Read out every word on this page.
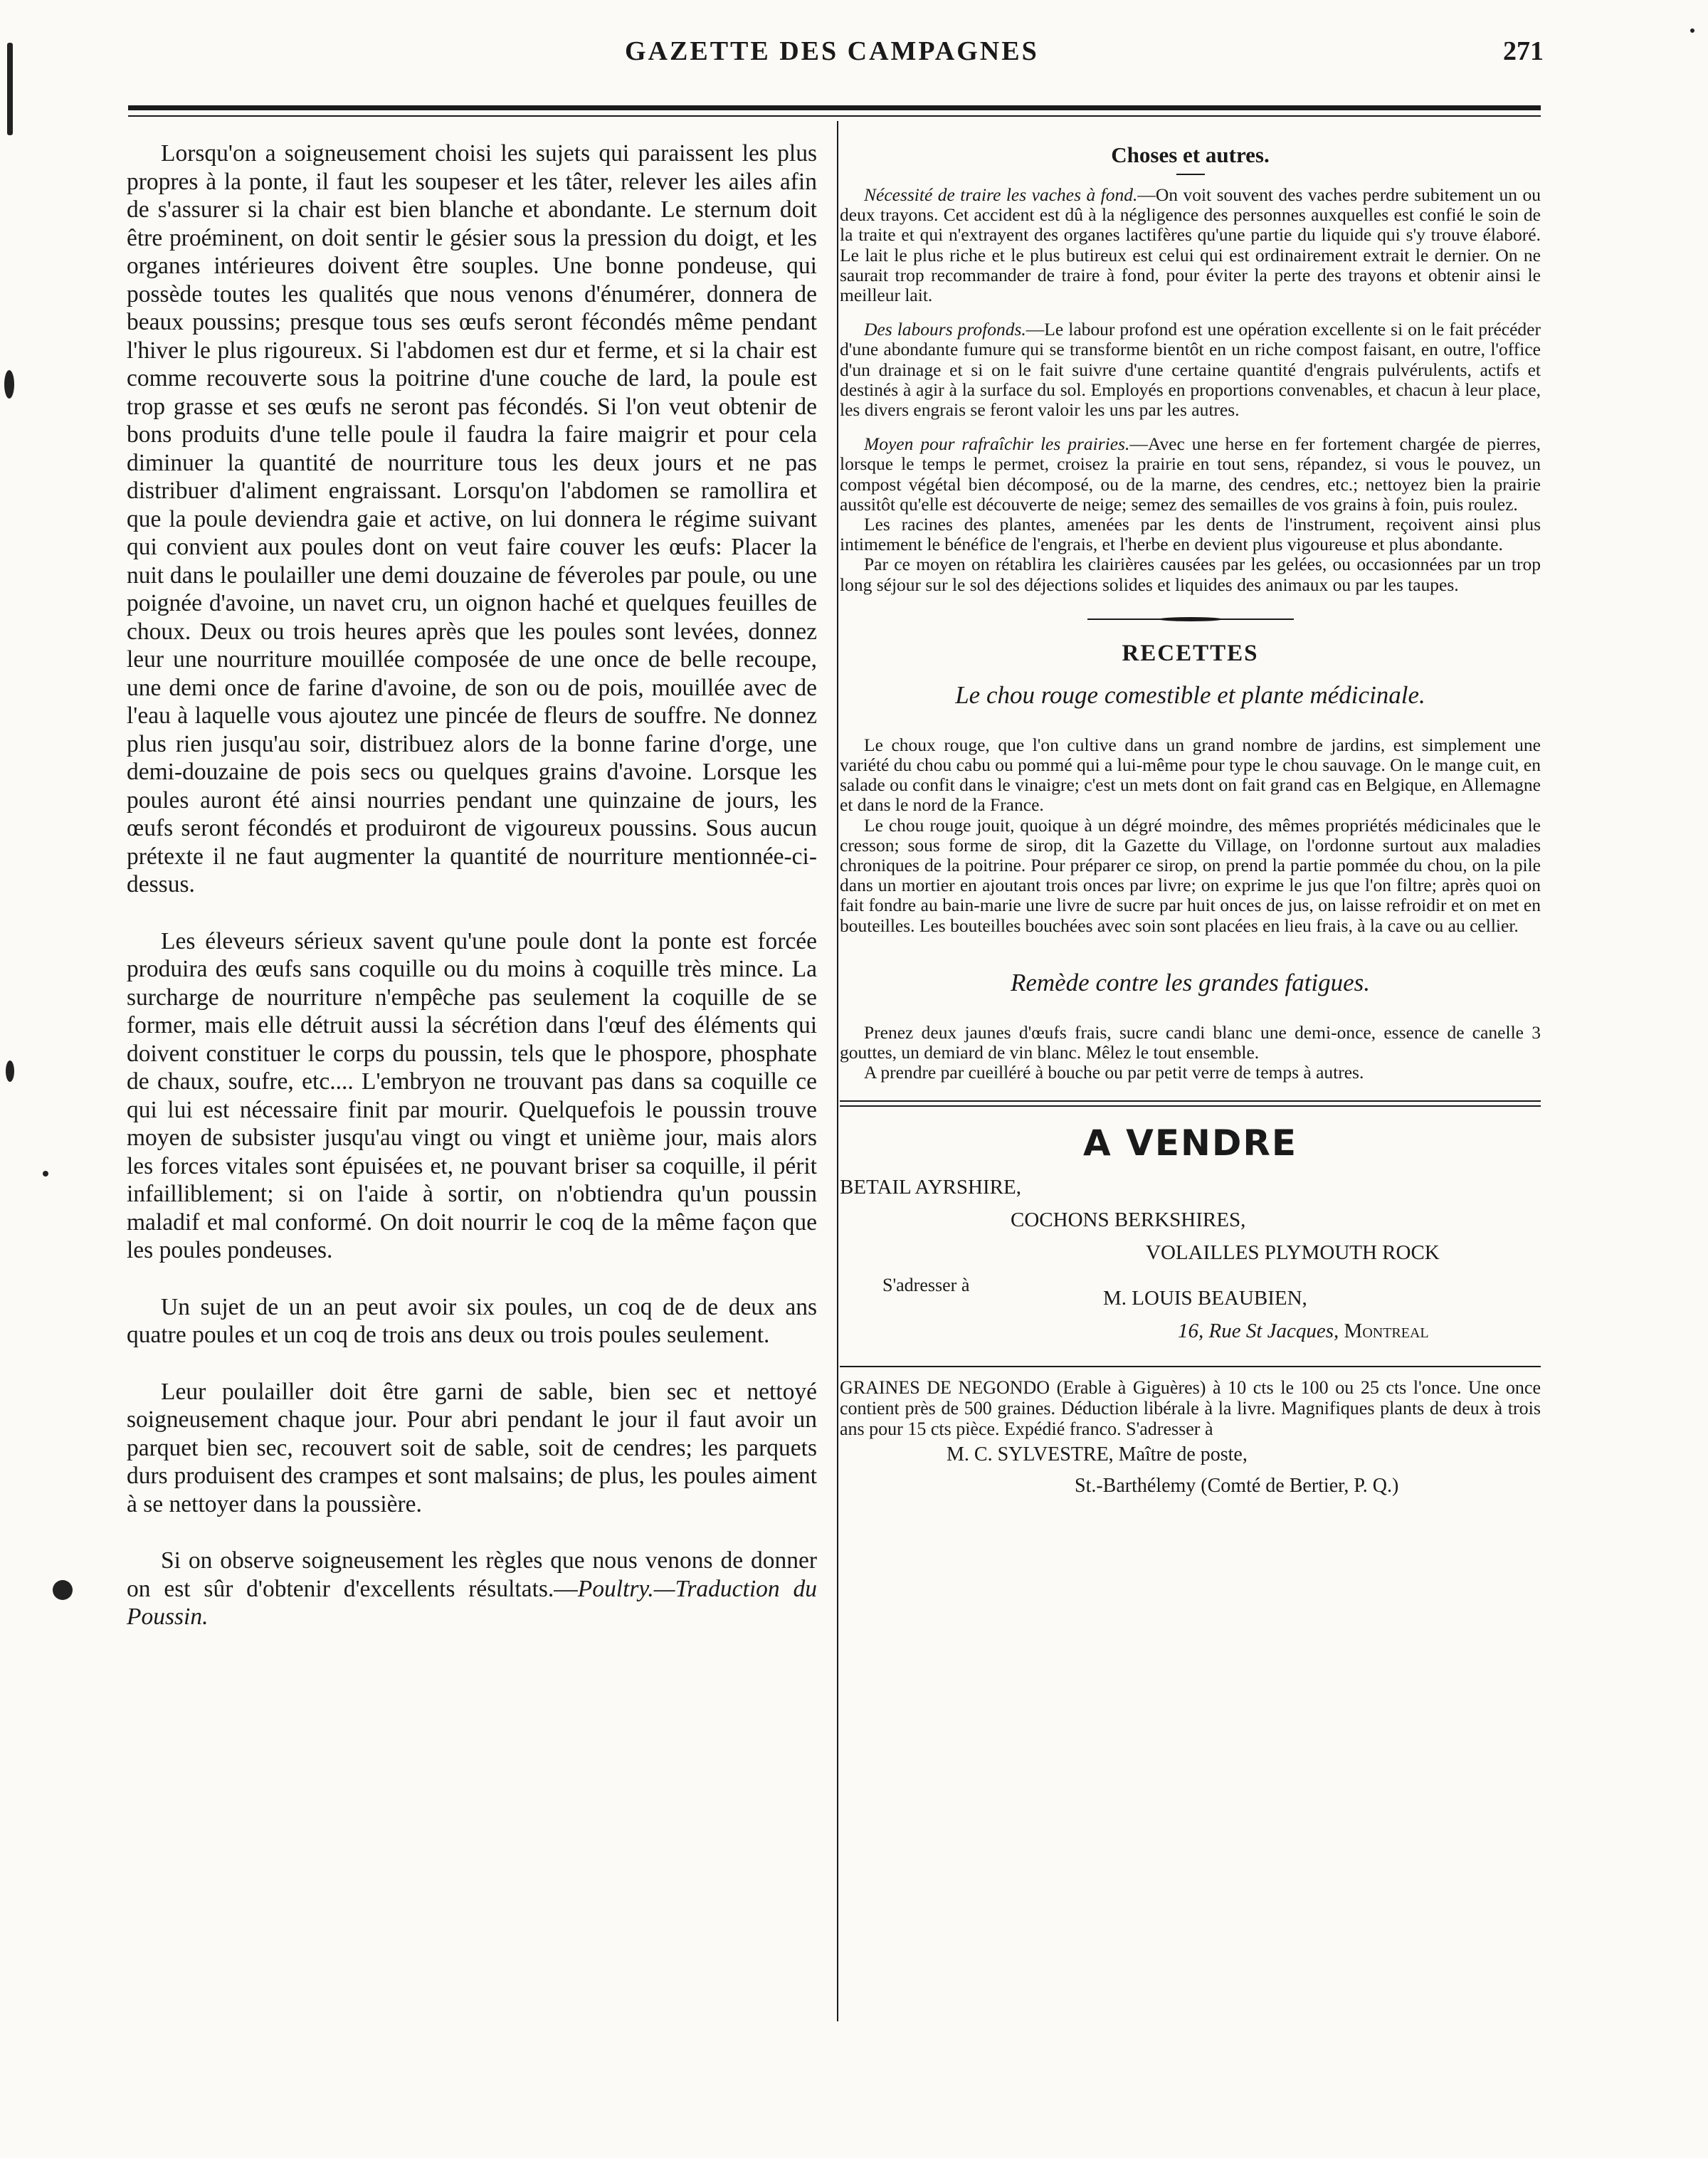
GAZETTE DES CAMPAGNES	271

Lorsqu'on a soigneusement choisi les sujets qui paraissent les plus propres à la ponte, il faut les soupeser et les tâter, relever les ailes afin de s'assurer si la chair est bien blanche et abondante. Le sternum doit être proéminent, on doit sentir le gésier sous la pression du doigt, et les organes intérieures doivent être souples. Une bonne pondeuse, qui possède toutes les qualités que nous venons d'énumérer, donnera de beaux poussins; presque tous ses œufs seront fécondés même pendant l'hiver le plus rigoureux. Si l'abdomen est dur et ferme, et si la chair est comme recouverte sous la poitrine d'une couche de lard, la poule est trop grasse et ses œufs ne seront pas fécondés. Si l'on veut obtenir de bons produits d'une telle poule il faudra la faire maigrir et pour cela diminuer la quantité de nourriture tous les deux jours et ne pas distribuer d'aliment engraissant. Lorsqu'on l'abdomen se ramollira et que la poule deviendra gaie et active, on lui donnera le régime suivant qui convient aux poules dont on veut faire couver les œufs: Placer la nuit dans le poulailler une demi douzaine de féveroles par poule, ou une poignée d'avoine, un navet cru, un oignon haché et quelques feuilles de choux. Deux ou trois heures après que les poules sont levées, donnez leur une nourriture mouillée composée de une once de belle recoupe, une demi once de farine d'avoine, de son ou de pois, mouillée avec de l'eau à laquelle vous ajoutez une pincée de fleurs de souffre. Ne donnez plus rien jusqu'au soir, distribuez alors de la bonne farine d'orge, une demi-douzaine de pois secs ou quelques grains d'avoine. Lorsque les poules auront été ainsi nourries pendant une quinzaine de jours, les œufs seront fécondés et produiront de vigoureux poussins. Sous aucun prétexte il ne faut augmenter la quantité de nourriture mentionnée-ci-dessus.

Les éleveurs sérieux savent qu'une poule dont la ponte est forcée produira des œufs sans coquille ou du moins à coquille très mince. La surcharge de nourriture n'empêche pas seulement la coquille de se former, mais elle détruit aussi la sécrétion dans l'œuf des éléments qui doivent constituer le corps du poussin, tels que le phospore, phosphate de chaux, soufre, etc.... L'embryon ne trouvant pas dans sa coquille ce qui lui est nécessaire finit par mourir. Quelquefois le poussin trouve moyen de subsister jusqu'au vingt ou vingt et unième jour, mais alors les forces vitales sont épuisées et, ne pouvant briser sa coquille, il périt infailliblement; si on l'aide à sortir, on n'obtiendra qu'un poussin maladif et mal conformé. On doit nourrir le coq de la même façon que les poules pondeuses.

Un sujet de un an peut avoir six poules, un coq de de deux ans quatre poules et un coq de trois ans deux ou trois poules seulement.

Leur poulailler doit être garni de sable, bien sec et nettoyé soigneusement chaque jour. Pour abri pendant le jour il faut avoir un parquet bien sec, recouvert soit de sable, soit de cendres; les parquets durs produisent des crampes et sont malsains; de plus, les poules aiment à se nettoyer dans la poussière.

Si on observe soigneusement les règles que nous venons de donner on est sûr d'obtenir d'excellents résultats.—Poultry.—Traduction du Poussin.

Choses et autres.

Nécessité de traire les vaches à fond.—On voit souvent des vaches perdre subitement un ou deux trayons. Cet accident est dû à la négligence des personnes auxquelles est confié le soin de la traite et qui n'extrayent des organes lactifères qu'une partie du liquide qui s'y trouve élaboré. Le lait le plus riche et le plus butireux est celui qui est ordinairement extrait le dernier. On ne saurait trop recommander de traire à fond, pour éviter la perte des trayons et obtenir ainsi le meilleur lait.

Des labours profonds.—Le labour profond est une opération excellente si on le fait précéder d'une abondante fumure qui se transforme bientôt en un riche compost faisant, en outre, l'office d'un drainage et si on le fait suivre d'une certaine quantité d'engrais pulvérulents, actifs et destinés à agir à la surface du sol. Employés en proportions convenables, et chacun à leur place, les divers engrais se feront valoir les uns par les autres.

Moyen pour rafraîchir les prairies.—Avec une herse en fer fortement chargée de pierres, lorsque le temps le permet, croisez la prairie en tout sens, répandez, si vous le pouvez, un compost végétal bien décomposé, ou de la marne, des cendres, etc.; nettoyez bien la prairie aussitôt qu'elle est découverte de neige; semez des semailles de vos grains à foin, puis roulez.

Les racines des plantes, amenées par les dents de l'instrument, reçoivent ainsi plus intimement le bénéfice de l'engrais, et l'herbe en devient plus vigoureuse et plus abondante.

Par ce moyen on rétablira les clairières causées par les gelées, ou occasionnées par un trop long séjour sur le sol des déjections solides et liquides des animaux ou par les taupes.

RECETTES
Le chou rouge comestible et plante médicinale.

Le choux rouge, que l'on cultive dans un grand nombre de jardins, est simplement une variété du chou cabu ou pommé qui a lui-même pour type le chou sauvage. On le mange cuit, en salade ou confit dans le vinaigre; c'est un mets dont on fait grand cas en Belgique, en Allemagne et dans le nord de la France.

Le chou rouge jouit, quoique à un dégré moindre, des mêmes propriétés médicinales que le cresson; sous forme de sirop, dit la Gazette du Village, on l'ordonne surtout aux maladies chroniques de la poitrine. Pour préparer ce sirop, on prend la partie pommée du chou, on la pile dans un mortier en ajoutant trois onces par livre; on exprime le jus que l'on filtre; après quoi on fait fondre au bain-marie une livre de sucre par huit onces de jus, on laisse refroidir et on met en bouteilles. Les bouteilles bouchées avec soin sont placées en lieu frais, à la cave ou au cellier.

Remède contre les grandes fatigues.

Prenez deux jaunes d'œufs frais, sucre candi blanc une demi-once, essence de canelle 3 gouttes, un demiard de vin blanc. Mêlez le tout ensemble.

A prendre par cueilléré à bouche ou par petit verre de temps à autres.

A VENDRE
BETAIL AYRSHIRE,
COCHONS BERKSHIRES,
VOLAILLES PLYMOUTH ROCK
S'adresser à
M. LOUIS BEAUBIEN,
16, Rue St Jacques, Montreal

GRAINES DE NEGONDO (Erable à Giguères) à 10 cts le 100 ou 25 cts l'once. Une once contient près de 500 graines. Déduction libérale à la livre. Magnifiques plants de deux à trois ans pour 15 cts pièce. Expédié franco. S'adresser à

M. C. SYLVESTRE, Maître de poste,
St.-Barthélemy (Comté de Bertier, P. Q.)
